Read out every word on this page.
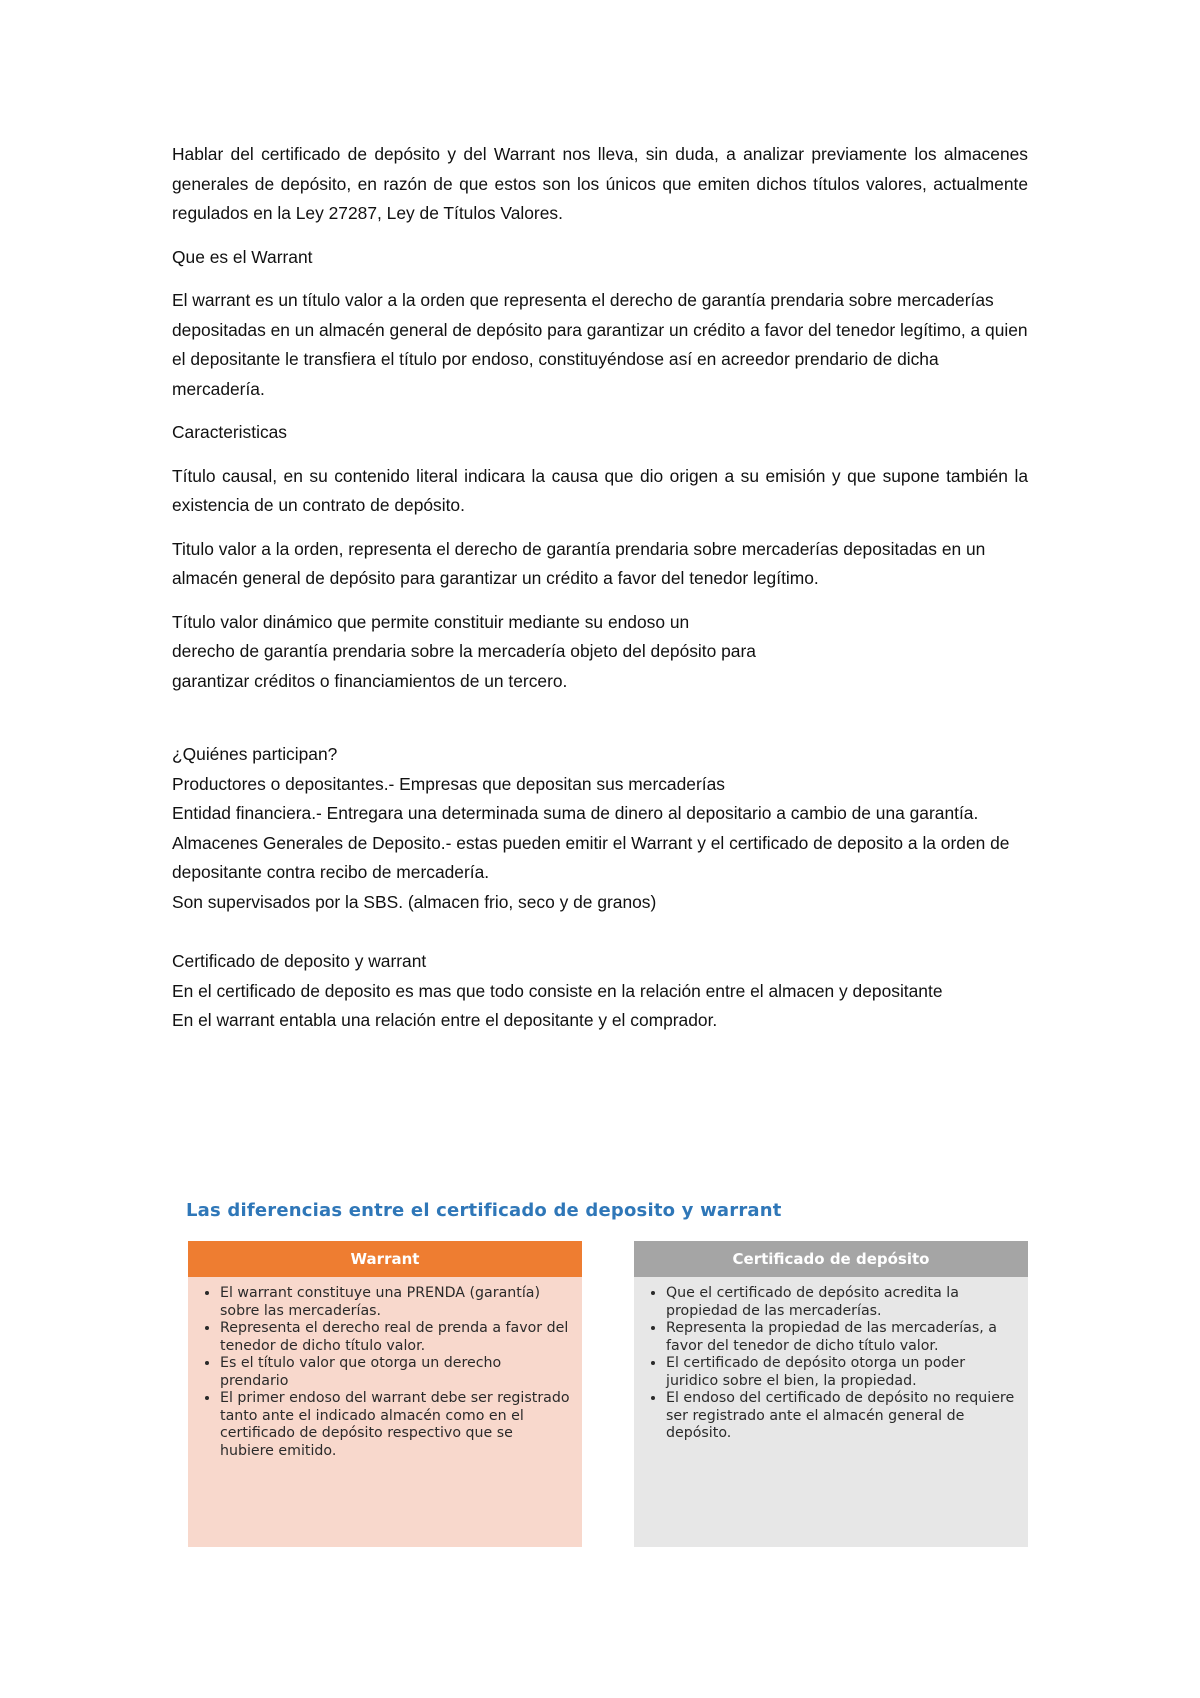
Hablar del certificado de depósito y del Warrant nos lleva, sin duda, a analizar previamente los almacenes generales de depósito, en razón de que estos son los únicos que emiten dichos títulos valores, actualmente regulados en la Ley 27287, Ley de Títulos Valores.

Que es el Warrant

El warrant es un título valor a la orden que representa el derecho de garantía prendaria sobre mercaderías depositadas en un almacén general de depósito para garantizar un crédito a favor del tenedor legítimo, a quien el depositante le transfiera el título por endoso, constituyéndose así en acreedor prendario de dicha mercadería.

Caracteristicas

Título causal, en su contenido literal indicara la causa que dio origen a su emisión y que supone también la existencia de un contrato de depósito.

Titulo valor a la orden, representa el derecho de garantía prendaria sobre mercaderías depositadas en un almacén general de depósito para garantizar un crédito a favor del tenedor legítimo.

Título valor dinámico que permite constituir mediante su endoso un

derecho de garantía prendaria sobre la mercadería objeto del depósito para

garantizar créditos o financiamientos de un tercero.

¿Quiénes participan?

Productores o depositantes.- Empresas que depositan sus mercaderías

Entidad financiera.- Entregara una determinada suma de dinero al depositario a cambio de una garantía.

Almacenes Generales de Deposito.- estas pueden emitir el Warrant y el certificado de deposito a la orden de depositante contra recibo de mercadería.

Son supervisados por la SBS. (almacen frio, seco y de granos)

Certificado de deposito y warrant

En el certificado de deposito es mas que todo consiste en la relación entre el almacen y depositante

En el warrant entabla una relación entre el depositante y el comprador.

Las diferencias entre el certificado de deposito y warrant
Warrant
• El warrant constituye una PRENDA (garantía) sobre las mercaderías.
• Representa el derecho real de prenda a favor del tenedor de dicho título valor.
• Es el título valor que otorga un derecho prendario
• El primer endoso del warrant debe ser registrado tanto ante el indicado almacén como en el certificado de depósito respectivo que se hubiere emitido.
Certificado de depósito
• Que el certificado de depósito acredita la propiedad de las mercaderías.
• Representa la propiedad de las mercaderías, a favor del tenedor de dicho título valor.
• El certificado de depósito otorga un poder juridico sobre el bien, la propiedad.
• El endoso del certificado de depósito no requiere ser registrado ante el almacén general de depósito.
